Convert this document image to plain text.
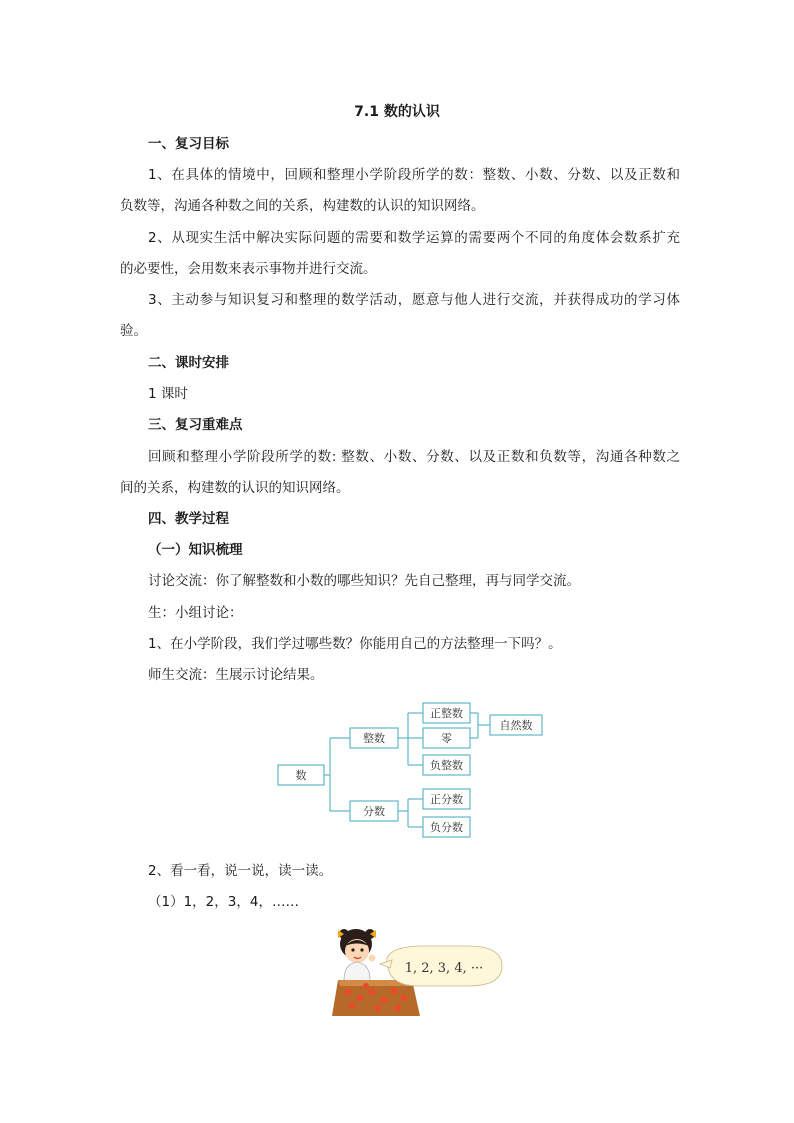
7.1 数的认识
一、复习目标
1、在具体的情境中，回顾和整理小学阶段所学的数：整数、小数、分数、以及正数和
负数等，沟通各种数之间的关系，构建数的认识的知识网络。
2、从现实生活中解决实际问题的需要和数学运算的需要两个不同的角度体会数系扩充
的必要性，会用数来表示事物并进行交流。
3、主动参与知识复习和整理的数学活动，愿意与他人进行交流，并获得成功的学习体
验。
二、课时安排
1 课时
三、复习重难点
回顾和整理小学阶段所学的数: 整数、小数、分数、以及正数和负数等，沟通各种数之
间的关系，构建数的认识的知识网络。
四、教学过程
（一）知识梳理
讨论交流：你了解整数和小数的哪些知识？先自己整理，再与同学交流。
生：小组讨论：
1、在小学阶段，我们学过哪些数？你能用自己的方法整理一下吗？。
师生交流：生展示讨论结果。
数
整数
分数
正整数
零
负整数
自然数
正分数
负分数
2、看一看，说一说，读一读。
（1）1，2，3，4，……
1, 2, 3, 4, ···
